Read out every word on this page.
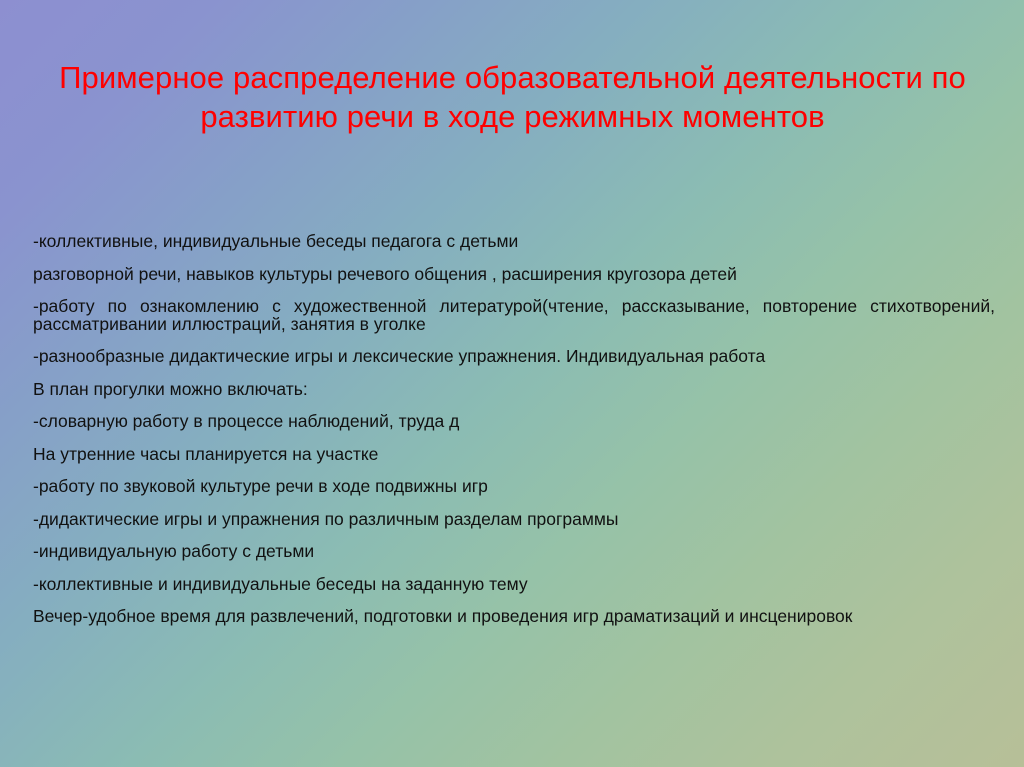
Примерное распределение образовательной деятельности по развитию речи в ходе режимных моментов

-коллективные, индивидуальные беседы педагога с детьми

разговорной речи, навыков культуры речевого общения , расширения кругозора детей

-работу по ознакомлению с художественной литературой(чтение, рассказывание, повторение стихотворений, рассматривании иллюстраций, занятия в уголке

-разнообразные дидактические игры и лексические упражнения. Индивидуальная работа

В план прогулки можно включать:

-словарную работу в процессе наблюдений, труда д

На утренние часы планируется на участке

-работу по звуковой культуре речи в ходе подвижны игр

-дидактические игры и упражнения по различным разделам программы

-индивидуальную работу с детьми

-коллективные и индивидуальные беседы на заданную тему

Вечер-удобное время для развлечений, подготовки и проведения игр драматизаций и инсценировок
